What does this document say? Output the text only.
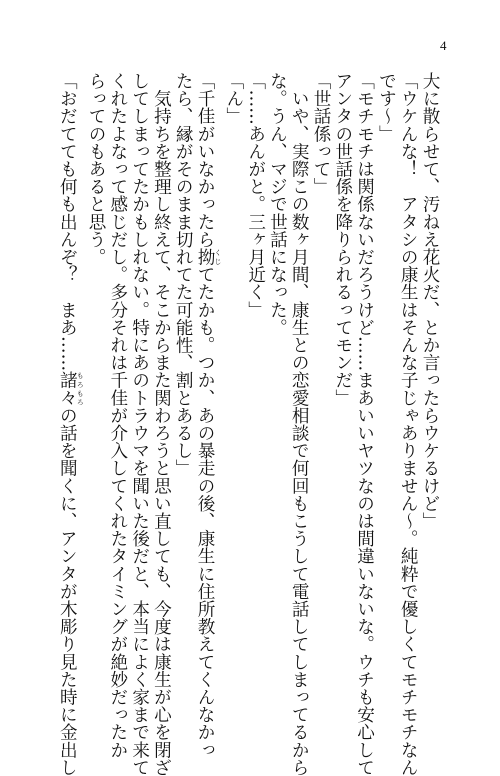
4
大に散らせて、汚ねえ花火だ、とか言ったらウケるけど」
「ウケんな！　アタシの康生はそんな子じゃありません～。純粋で優しくてモチモチなん
です～」
「モチモチは関係ないだろうけど……まあいいヤツなのは間違いないな。ウチも安心して
アンタの世話係を降りられるってモンだ」
「世話係って」
　いや、実際この数ヶ月間、康生との恋愛相談で何回もこうして電話してしまってるから
な。うん、マジで世話になった。
「……あんがと。三ヶ月近く」
「ん」
「千佳がいなかったら拗 くじてたかも。つか、あの暴走の後、康生に住所教えてくんなかっ
たら、縁がそのまま切れてた可能性、割とあるし」
　気持ちを整理し終えて、そこからまた関わろうと思い直しても、今度は康生が心を閉ざ
してしまってたかもしれない。特にあのトラウマを聞いた後だと、本当によく家まで来て
くれたよなって感じだし。多分それは千佳が介入してくれたタイミングが絶妙だったか
らってのもあると思う。
「おだてても何も出んぞ？　まあ……諸々 もろもろの話を聞くに、アンタが木彫り見た時に金出し
